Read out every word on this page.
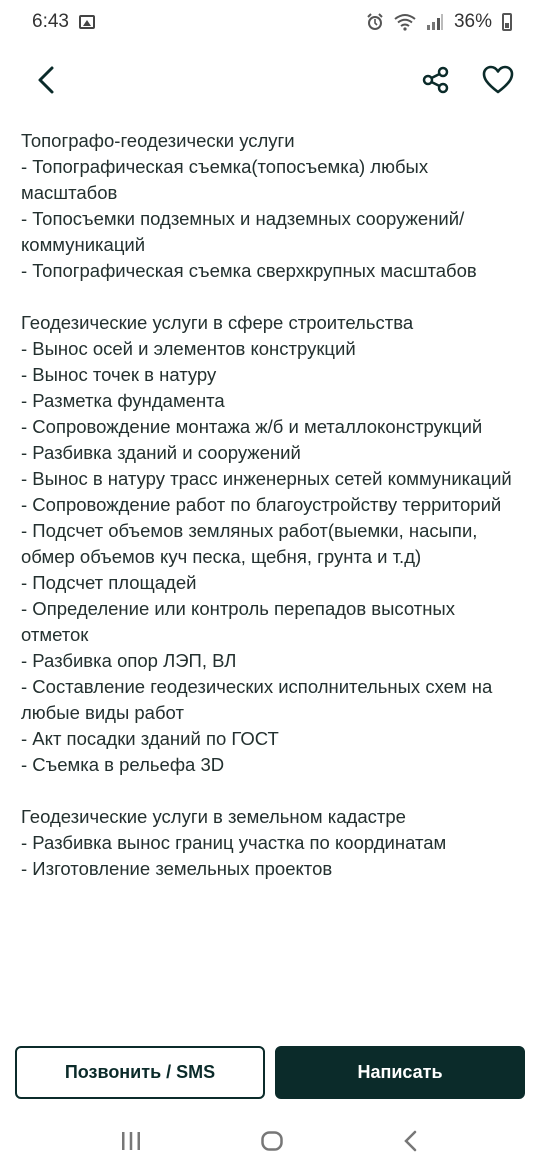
6:43	36%

Топографо-геодезически услуги

- Топографическая съемка(топосъемка) любых масштабов

- Топосъемки подземных и надземных сооружений/коммуникаций

- Топографическая съемка сверхкрупных масштабов

Геодезические услуги в сфере строительства

- Вынос осей и элементов конструкций

- Вынос точек в натуру

- Разметка фундамента

- Сопровождение монтажа ж/б и металлоконструкций

- Разбивка зданий и сооружений

- Вынос в натуру трасс инженерных сетей коммуникаций

- Сопровождение работ по благоустройству территорий

- Подсчет объемов земляных работ(выемки, насыпи, обмер объемов куч песка, щебня, грунта и т.д)

- Подсчет площадей

- Определение или контроль перепадов высотных отметок

- Разбивка опор ЛЭП, ВЛ

- Составление геодезических исполнительных схем на любые виды работ

- Акт посадки зданий по ГОСТ

- Съемка в рельефа 3D

Геодезические услуги в земельном кадастре

- Разбивка вынос границ участка по координатам

- Изготовление земельных проектов

Позвонить / SMS	Написать
